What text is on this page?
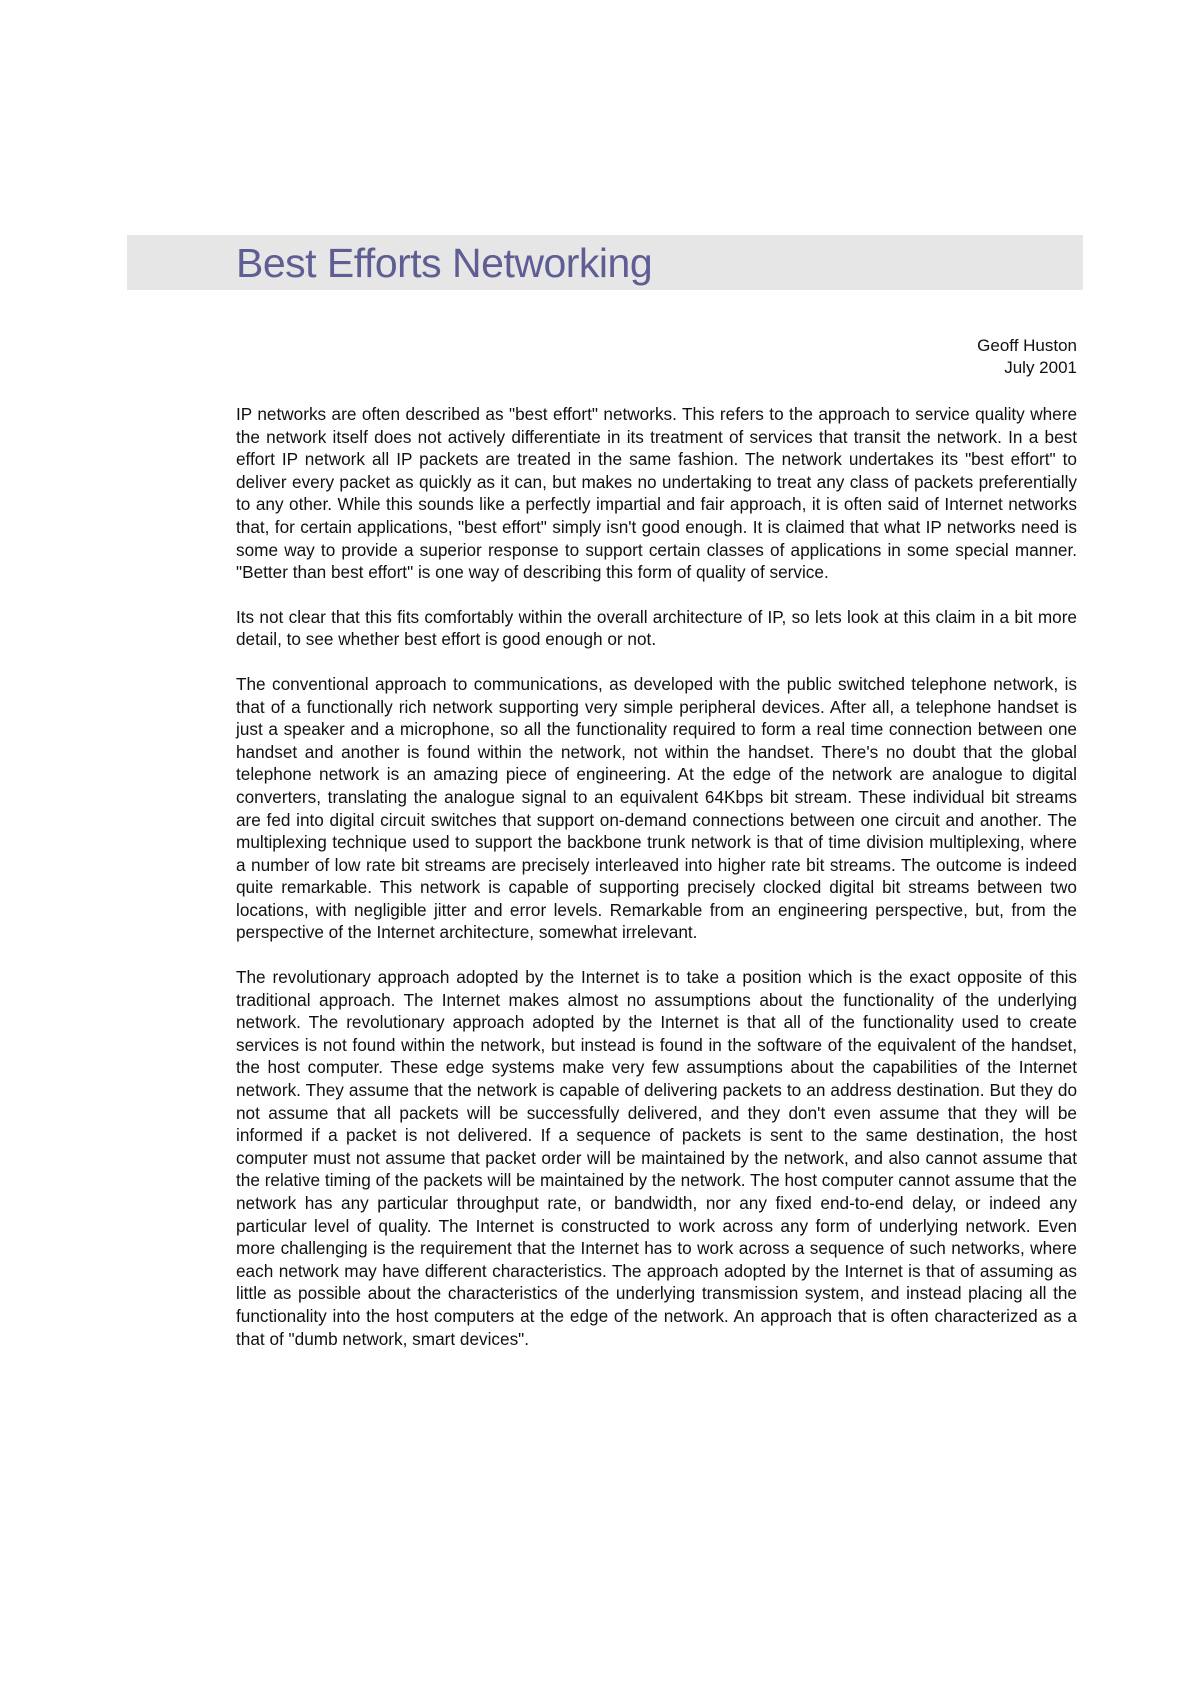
Best Efforts Networking
Geoff Huston
July 2001

IP networks are often described as "best effort" networks. This refers to the approach to service quality where the network itself does not actively differentiate in its treatment of services that transit the network. In a best effort IP network all IP packets are treated in the same fashion. The network undertakes its "best effort" to deliver every packet as quickly as it can, but makes no undertaking to treat any class of packets preferentially to any other. While this sounds like a perfectly impartial and fair approach, it is often said of Internet networks that, for certain applications, "best effort" simply isn't good enough. It is claimed that what IP networks need is some way to provide a superior response to support certain classes of applications in some special manner. "Better than best effort" is one way of describing this form of quality of service.

Its not clear that this fits comfortably within the overall architecture of IP, so lets look at this claim in a bit more detail, to see whether best effort is good enough or not.

The conventional approach to communications, as developed with the public switched telephone network, is that of a functionally rich network supporting very simple peripheral devices. After all, a telephone handset is just a speaker and a microphone, so all the functionality required to form a real time connection between one handset and another is found within the network, not within the handset. There's no doubt that the global telephone network is an amazing piece of engineering. At the edge of the network are analogue to digital converters, translating the analogue signal to an equivalent 64Kbps bit stream. These individual bit streams are fed into digital circuit switches that support on-demand connections between one circuit and another. The multiplexing technique used to support the backbone trunk network is that of time division multiplexing, where a number of low rate bit streams are precisely interleaved into higher rate bit streams. The outcome is indeed quite remarkable. This network is capable of supporting precisely clocked digital bit streams between two locations, with negligible jitter and error levels. Remarkable from an engineering perspective, but, from the perspective of the Internet architecture, somewhat irrelevant.

The revolutionary approach adopted by the Internet is to take a position which is the exact opposite of this traditional approach. The Internet makes almost no assumptions about the functionality of the underlying network. The revolutionary approach adopted by the Internet is that all of the functionality used to create services is not found within the network, but instead is found in the software of the equivalent of the handset, the host computer. These edge systems make very few assumptions about the capabilities of the Internet network. They assume that the network is capable of delivering packets to an address destination. But they do not assume that all packets will be successfully delivered, and they don't even assume that they will be informed if a packet is not delivered. If a sequence of packets is sent to the same destination, the host computer must not assume that packet order will be maintained by the network, and also cannot assume that the relative timing of the packets will be maintained by the network. The host computer cannot assume that the network has any particular throughput rate, or bandwidth, nor any fixed end-to-end delay, or indeed any particular level of quality. The Internet is constructed to work across any form of underlying network. Even more challenging is the requirement that the Internet has to work across a sequence of such networks, where each network may have different characteristics. The approach adopted by the Internet is that of assuming as little as possible about the characteristics of the underlying transmission system, and instead placing all the functionality into the host computers at the edge of the network. An approach that is often characterized as a that of "dumb network, smart devices".
